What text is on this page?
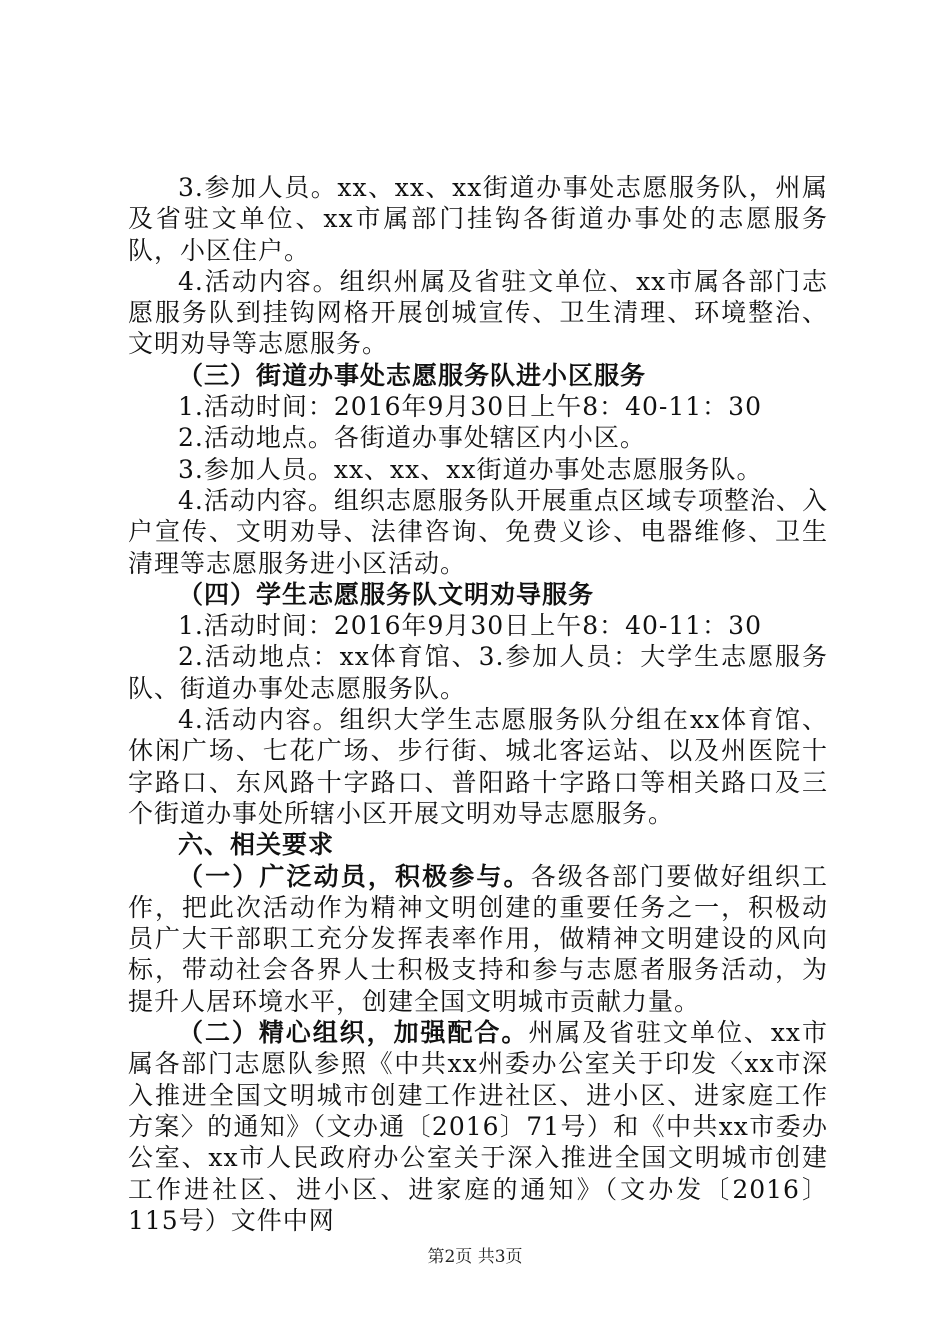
3.参加人员。xx、xx、xx街道办事处志愿服务队，州属及省驻文单位、xx市属部门挂钩各街道办事处的志愿服务队，小区住户。

4.活动内容。组织州属及省驻文单位、xx市属各部门志愿服务队到挂钩网格开展创城宣传、卫生清理、环境整治、文明劝导等志愿服务。

（三）街道办事处志愿服务队进小区服务

1.活动时间：2016年9月30日上午8：40-11：30

2.活动地点。各街道办事处辖区内小区。

3.参加人员。xx、xx、xx街道办事处志愿服务队。

4.活动内容。组织志愿服务队开展重点区域专项整治、入户宣传、文明劝导、法律咨询、免费义诊、电器维修、卫生清理等志愿服务进小区活动。

（四）学生志愿服务队文明劝导服务

1.活动时间：2016年9月30日上午8：40-11：30

2.活动地点：xx体育馆、3.参加人员：大学生志愿服务队、街道办事处志愿服务队。

4.活动内容。组织大学生志愿服务队分组在xx体育馆、休闲广场、七花广场、步行街、城北客运站、以及州医院十字路口、东风路十字路口、普阳路十字路口等相关路口及三个街道办事处所辖小区开展文明劝导志愿服务。

六、相关要求

（一）广泛动员，积极参与。各级各部门要做好组织工作，把此次活动作为精神文明创建的重要任务之一，积极动员广大干部职工充分发挥表率作用，做精神文明建设的风向标，带动社会各界人士积极支持和参与志愿者服务活动，为提升人居环境水平，创建全国文明城市贡献力量。

（二）精心组织，加强配合。州属及省驻文单位、xx市属各部门志愿队参照《中共xx州委办公室关于印发〈xx市深入推进全国文明城市创建工作进社区、进小区、进家庭工作方案〉的通知》（文办通〔2016〕71号）和《中共xx市委办公室、xx市人民政府办公室关于深入推进全国文明城市创建工作进社区、进小区、进家庭的通知》（文办发〔2016〕115号）文件中网

第2页 共3页
